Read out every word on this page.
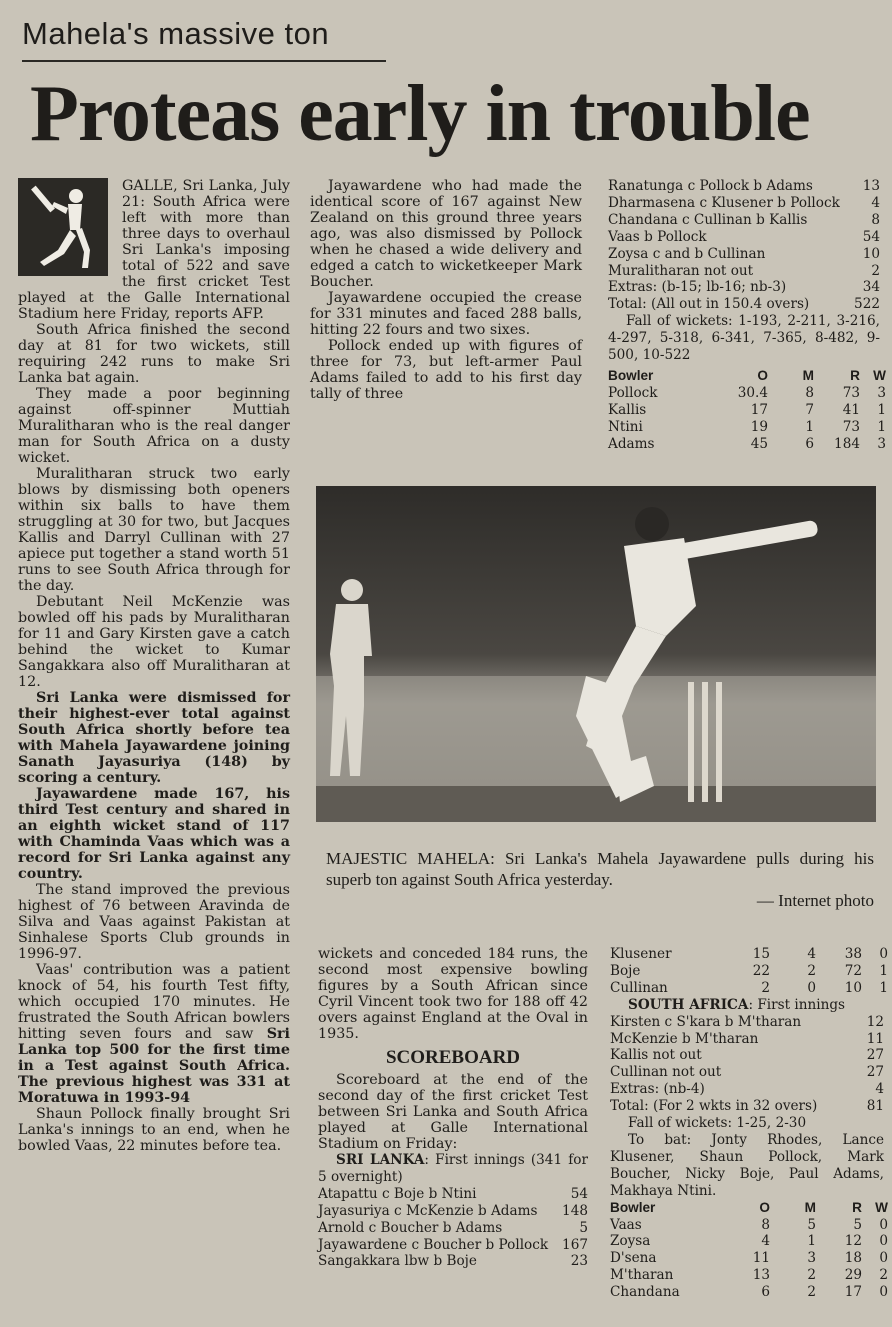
Mahela's massive ton
Proteas early in trouble

GALLE, Sri Lanka, July 21: South Africa were left with more than three days to overhaul Sri Lanka's imposing total of 522 and save the first cricket Test played at the Galle International Stadium here Friday, reports AFP.

South Africa finished the second day at 81 for two wickets, still requiring 242 runs to make Sri Lanka bat again.

They made a poor beginning against off-spinner Muttiah Muralitharan who is the real danger man for South Africa on a dusty wicket.

Muralitharan struck two early blows by dismissing both openers within six balls to have them struggling at 30 for two, but Jacques Kallis and Darryl Cullinan with 27 apiece put together a stand worth 51 runs to see South Africa through for the day.

Debutant Neil McKenzie was bowled off his pads by Muralitharan for 11 and Gary Kirsten gave a catch behind the wicket to Kumar Sangakkara also off Muralitharan at 12.

Sri Lanka were dismissed for their highest-ever total against South Africa shortly before tea with Mahela Jayawardene joining Sanath Jayasuriya (148) by scoring a century.

Jayawardene made 167, his third Test century and shared in an eighth wicket stand of 117 with Chaminda Vaas which was a record for Sri Lanka against any country.

The stand improved the previous highest of 76 between Aravinda de Silva and Vaas against Pakistan at Sinhalese Sports Club grounds in 1996-97.

Vaas' contribution was a patient knock of 54, his fourth Test fifty, which occupied 170 minutes. He frustrated the South African bowlers hitting seven fours and saw Sri Lanka top 500 for the first time in a Test against South Africa. The previous highest was 331 at Moratuwa in 1993-94

Shaun Pollock finally brought Sri Lanka's innings to an end, when he bowled Vaas, 22 minutes before tea.

Jayawardene who had made the identical score of 167 against New Zealand on this ground three years ago, was also dismissed by Pollock when he chased a wide delivery and edged a catch to wicketkeeper Mark Boucher.

Jayawardene occupied the crease for 331 minutes and faced 288 balls, hitting 22 fours and two sixes.

Pollock ended up with figures of three for 73, but left-armer Paul Adams failed to add to his first day tally of three

Ranatunga c Pollock b Adams	13
Dharmasena c Klusener b Pollock 4
Chandana c Cullinan b Kallis	8
Vaas b Pollock	54
Zoysa c and b Cullinan	10
Muralitharan not out	2
Extras: (b-15; lb-16; nb-3)	34
Total: (All out in 150.4 overs)	522
Fall of wickets: 1-193, 2-211, 3-216, 4-297, 5-318, 6-341, 7-365, 8-482, 9-500, 10-522
Bowler	O	M	R W
Pollock	30.4	8	73	3
Kallis	17	7	41	1
Ntini	19	1	73	1
Adams	45	6	184	3
MAJESTIC MAHELA: Sri Lanka's Mahela Jayawardene pulls during his superb ton against South Africa yesterday.
— Internet photo

wickets and conceded 184 runs, the second most expensive bowling figures by a South African since Cyril Vincent took two for 188 off 42 overs against England at the Oval in 1935.

SCOREBOARD

Scoreboard at the end of the second day of the first cricket Test between Sri Lanka and South Africa played at Galle International Stadium on Friday:

SRI LANKA: First innings (341 for 5 overnight)
Atapattu c Boje b Ntini	54
Jayasuriya c McKenzie b Adams 148
Arnold c Boucher b Adams	5
Jayawardene c Boucher b Pollock 167
Sangakkara lbw b Boje	23
Klusener	15	4	38	0
Boje	22	2	72	1
Cullinan	2	0	10	1
SOUTH AFRICA: First innings
Kirsten c S'kara b M'tharan	12
McKenzie b M'tharan	11
Kallis not out	27
Cullinan not out	27
Extras: (nb-4)	4
Total: (For 2 wkts in 32 overs)	81
Fall of wickets: 1-25, 2-30
To bat: Jonty Rhodes, Lance Klusener, Shaun Pollock, Mark Boucher, Nicky Boje, Paul Adams, Makhaya Ntini.
Bowler	O	M	R W
Vaas	8	5	5	0
Zoysa	4	1	12	0
D'sena	11	3	18	0
M'tharan	13	2	29	2
Chandana	6	2	17	0
